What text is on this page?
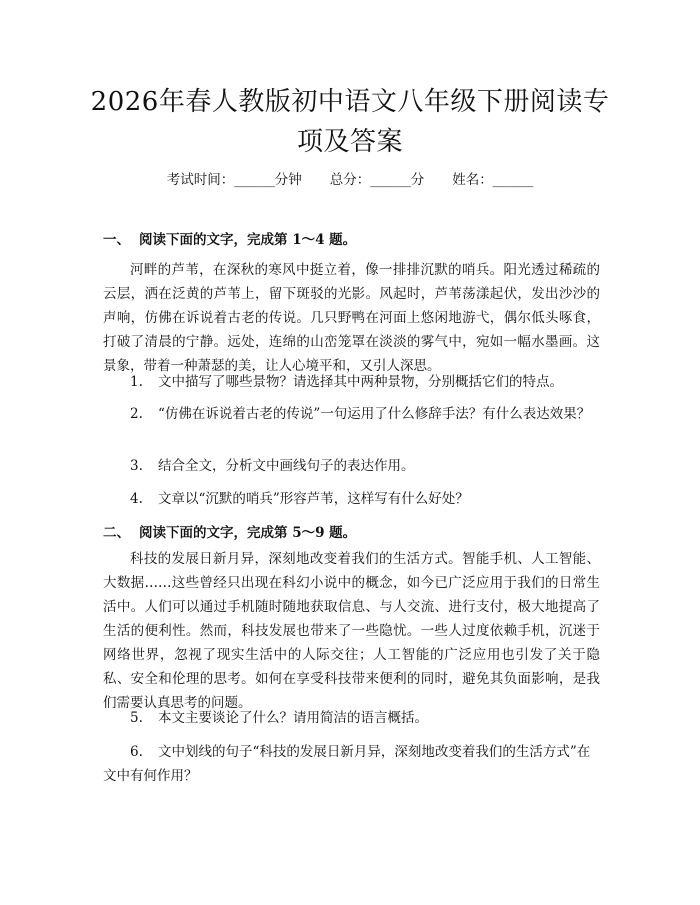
2026年春人教版初中语文八年级下册阅读专项及答案
考试时间：______分钟 总分：______分 姓名：______
一、 阅读下面的文字，完成第 1～4 题。

河畔的芦苇，在深秋的寒风中挺立着，像一排排沉默的哨兵。阳光透过稀疏的云层，洒在泛黄的芦苇上，留下斑驳的光影。风起时，芦苇荡漾起伏，发出沙沙的声响，仿佛在诉说着古老的传说。几只野鸭在河面上悠闲地游弋，偶尔低头啄食，打破了清晨的宁静。远处，连绵的山峦笼罩在淡淡的雾气中，宛如一幅水墨画。这景象，带着一种萧瑟的美，让人心境平和，又引人深思。

1. 文中描写了哪些景物？请选择其中两种景物，分别概括它们的特点。

2. “仿佛在诉说着古老的传说”一句运用了什么修辞手法？有什么表达效果？

3. 结合全文，分析文中画线句子的表达作用。

4. 文章以“沉默的哨兵”形容芦苇，这样写有什么好处？

二、 阅读下面的文字，完成第 5～9 题。

科技的发展日新月异，深刻地改变着我们的生活方式。智能手机、人工智能、大数据……这些曾经只出现在科幻小说中的概念，如今已广泛应用于我们的日常生活中。人们可以通过手机随时随地获取信息、与人交流、进行支付，极大地提高了生活的便利性。然而，科技发展也带来了一些隐忧。一些人过度依赖手机，沉迷于网络世界，忽视了现实生活中的人际交往；人工智能的广泛应用也引发了关于隐私、安全和伦理的思考。如何在享受科技带来便利的同时，避免其负面影响，是我们需要认真思考的问题。

5. 本文主要谈论了什么？请用简洁的语言概括。

6. 文中划线的句子“科技的发展日新月异，深刻地改变着我们的生活方式”在文中有何作用？
